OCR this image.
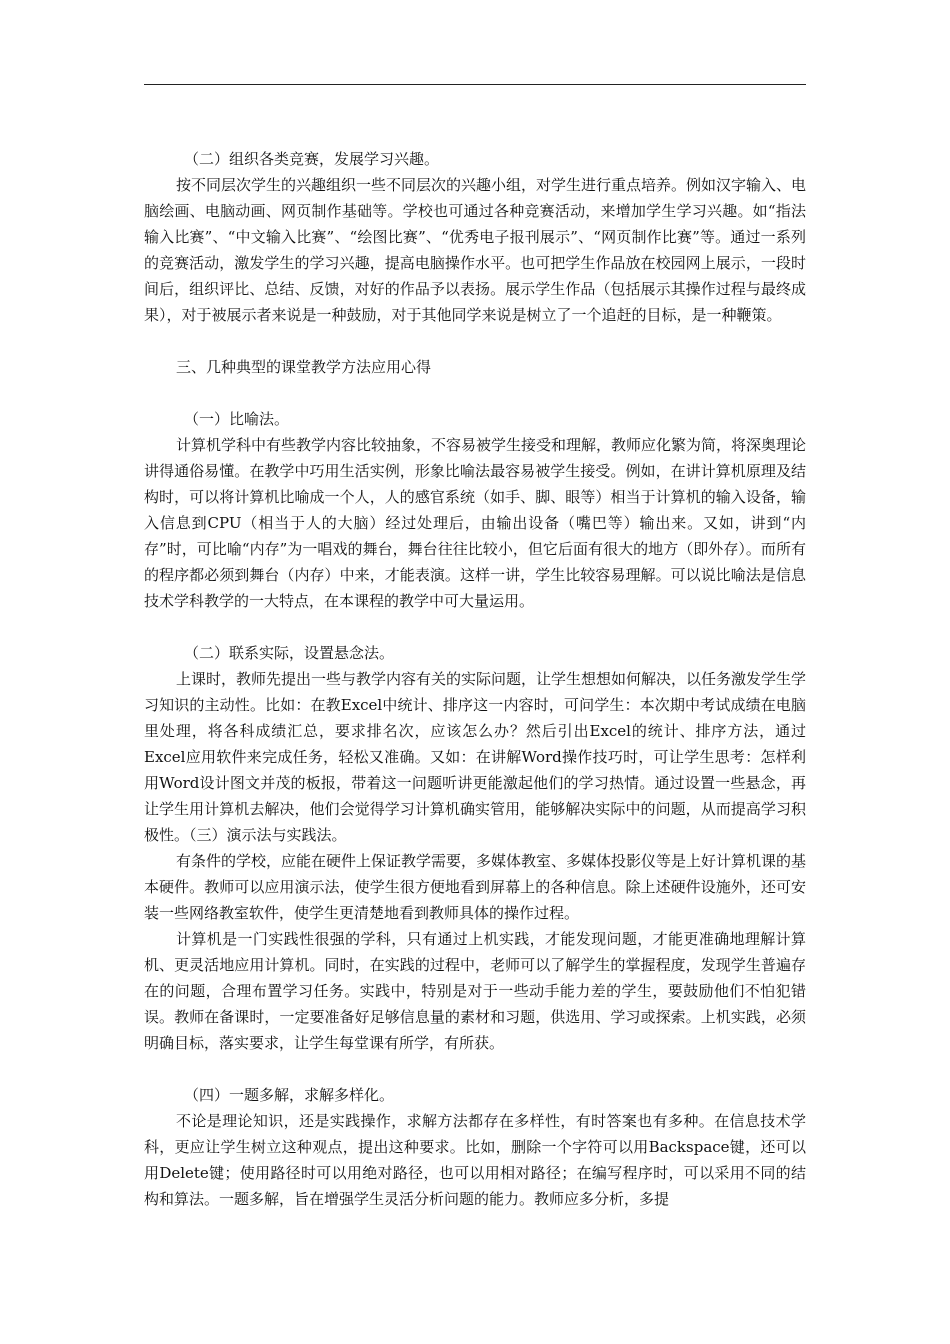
（二）组织各类竞赛，发展学习兴趣。

按不同层次学生的兴趣组织一些不同层次的兴趣小组，对学生进行重点培养。例如汉字输入、电脑绘画、电脑动画、网页制作基础等。学校也可通过各种竞赛活动，来增加学生学习兴趣。如“指法输入比赛”、“中文输入比赛”、“绘图比赛”、“优秀电子报刊展示”、“网页制作比赛”等。通过一系列的竞赛活动，激发学生的学习兴趣，提高电脑操作水平。也可把学生作品放在校园网上展示，一段时间后，组织评比、总结、反馈，对好的作品予以表扬。展示学生作品（包括展示其操作过程与最终成果），对于被展示者来说是一种鼓励，对于其他同学来说是树立了一个追赶的目标，是一种鞭策。

三、几种典型的课堂教学方法应用心得

（一）比喻法。

计算机学科中有些教学内容比较抽象，不容易被学生接受和理解，教师应化繁为简，将深奥理论讲得通俗易懂。在教学中巧用生活实例，形象比喻法最容易被学生接受。例如，在讲计算机原理及结构时，可以将计算机比喻成一个人，人的感官系统（如手、脚、眼等）相当于计算机的输入设备，输入信息到CPU（相当于人的大脑）经过处理后，由输出设备（嘴巴等）输出来。又如，讲到“内存”时，可比喻“内存”为一唱戏的舞台，舞台往往比较小，但它后面有很大的地方（即外存）。而所有的程序都必须到舞台（内存）中来，才能表演。这样一讲，学生比较容易理解。可以说比喻法是信息技术学科教学的一大特点，在本课程的教学中可大量运用。

（二）联系实际，设置悬念法。

上课时，教师先提出一些与教学内容有关的实际问题，让学生想想如何解决，以任务激发学生学习知识的主动性。比如：在教Excel中统计、排序这一内容时，可问学生：本次期中考试成绩在电脑里处理，将各科成绩汇总，要求排名次，应该怎么办？然后引出Excel的统计、排序方法，通过Excel应用软件来完成任务，轻松又准确。又如：在讲解Word操作技巧时，可让学生思考：怎样利用Word设计图文并茂的板报，带着这一问题听讲更能激起他们的学习热情。通过设置一些悬念，再让学生用计算机去解决，他们会觉得学习计算机确实管用，能够解决实际中的问题，从而提高学习积极性。（三）演示法与实践法。

有条件的学校，应能在硬件上保证教学需要，多媒体教室、多媒体投影仪等是上好计算机课的基本硬件。教师可以应用演示法，使学生很方便地看到屏幕上的各种信息。除上述硬件设施外，还可安装一些网络教室软件，使学生更清楚地看到教师具体的操作过程。

计算机是一门实践性很强的学科，只有通过上机实践，才能发现问题，才能更准确地理解计算机、更灵活地应用计算机。同时，在实践的过程中，老师可以了解学生的掌握程度，发现学生普遍存在的问题，合理布置学习任务。实践中，特别是对于一些动手能力差的学生，要鼓励他们不怕犯错误。教师在备课时，一定要准备好足够信息量的素材和习题，供选用、学习或探索。上机实践，必须明确目标，落实要求，让学生每堂课有所学，有所获。

（四）一题多解，求解多样化。

不论是理论知识，还是实践操作，求解方法都存在多样性，有时答案也有多种。在信息技术学科，更应让学生树立这种观点，提出这种要求。比如，删除一个字符可以用Backspace键，还可以用Delete键；使用路径时可以用绝对路径，也可以用相对路径；在编写程序时，可以采用不同的结构和算法。一题多解，旨在增强学生灵活分析问题的能力。教师应多分析，多提
